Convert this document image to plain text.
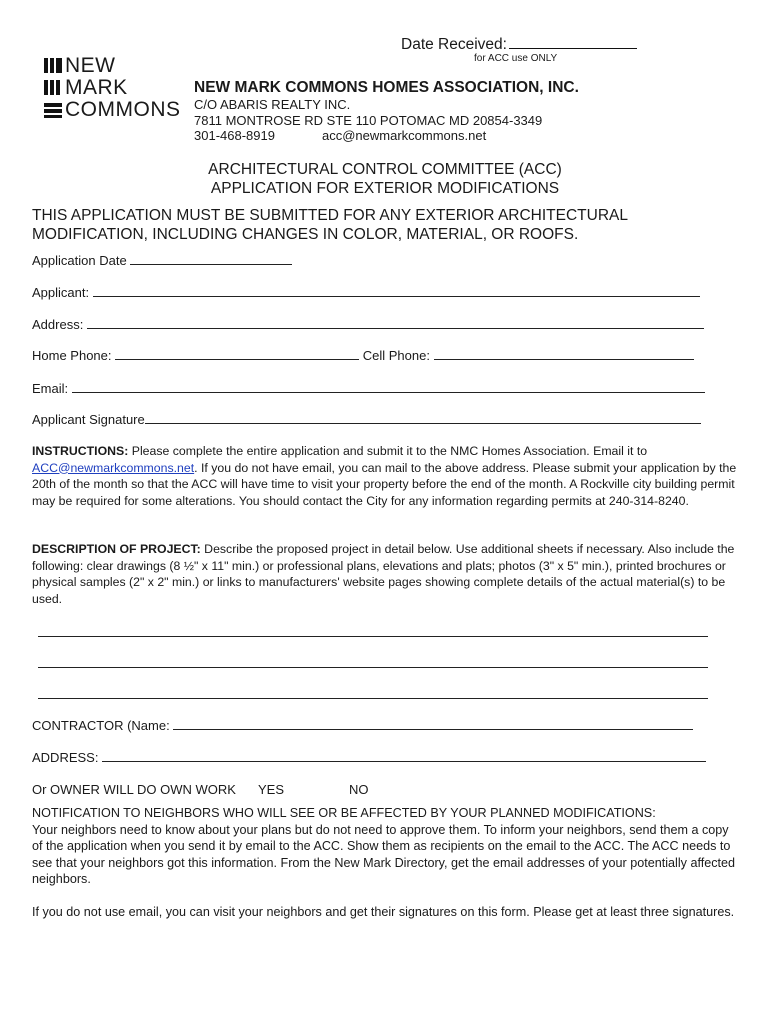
Date Received:
for ACC use ONLY
NEW
MARK
COMMONS
NEW MARK COMMONS HOMES ASSOCIATION, INC.
C/O ABARIS REALTY INC.
7811 MONTROSE RD STE 110 POTOMAC MD 20854-3349
301-468-8919	acc@newmarkcommons.net
ARCHITECTURAL CONTROL COMMITTEE (ACC)
APPLICATION FOR EXTERIOR MODIFICATIONS
THIS APPLICATION MUST BE SUBMITTED FOR ANY EXTERIOR ARCHITECTURAL
MODIFICATION, INCLUDING CHANGES IN COLOR, MATERIAL, OR ROOFS.
Application Date
Applicant:
Address:
Home Phone:	Cell Phone:
Email:
Applicant Signature
INSTRUCTIONS: Please complete the entire application and submit it to the NMC Homes Association. Email it to ACC@newmarkcommons.net. If you do not have email, you can mail to the above address. Please submit your application by the 20th of the month so that the ACC will have time to visit your property before the end of the month. A Rockville city building permit may be required for some alterations. You should contact the City for any information regarding permits at 240-314-8240.
DESCRIPTION OF PROJECT: Describe the proposed project in detail below. Use additional sheets if necessary. Also include the following: clear drawings (8 ½" x 11" min.) or professional plans, elevations and plats; photos (3" x 5" min.), printed brochures or physical samples (2" x 2" min.) or links to manufacturers' website pages showing complete details of the actual material(s) to be used.
CONTRACTOR (Name:
ADDRESS:
Or OWNER WILL DO OWN WORK YES	NO
NOTIFICATION TO NEIGHBORS WHO WILL SEE OR BE AFFECTED BY YOUR PLANNED MODIFICATIONS:
Your neighbors need to know about your plans but do not need to approve them. To inform your neighbors, send them a copy of the application when you send it by email to the ACC. Show them as recipients on the email to the ACC. The ACC needs to see that your neighbors got this information. From the New Mark Directory, get the email addresses of your potentially affected neighbors.
If you do not use email, you can visit your neighbors and get their signatures on this form. Please get at least three signatures.
